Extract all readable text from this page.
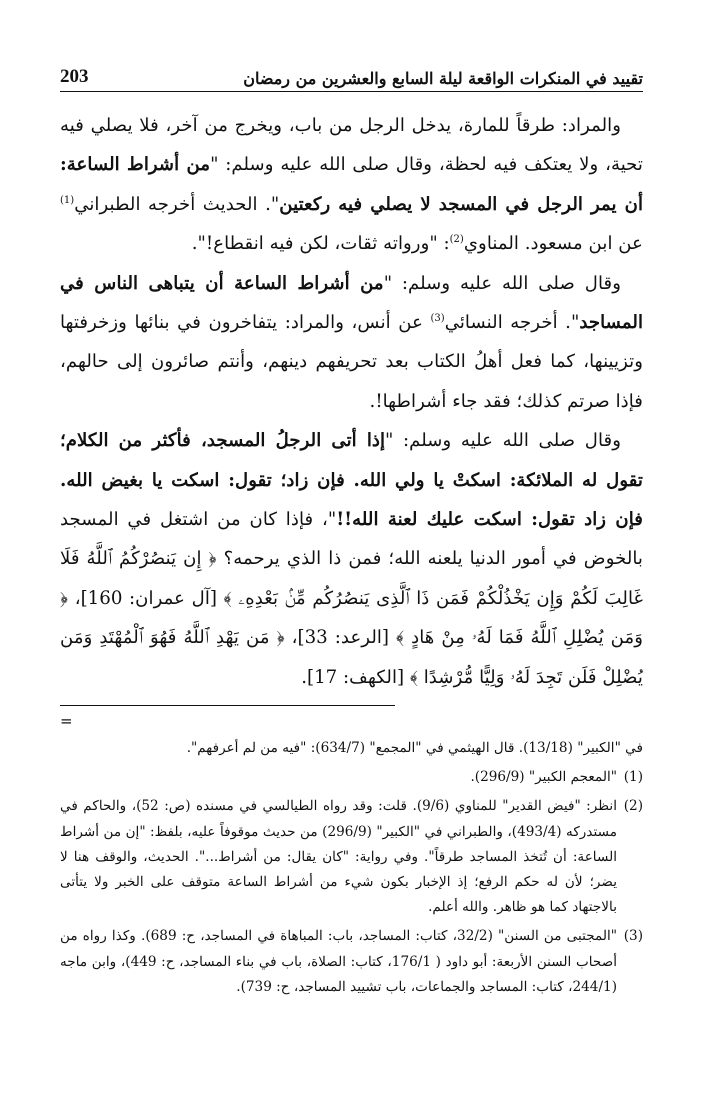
تقييد في المنكرات الواقعة ليلة السابع والعشرين من رمضان
203

والمراد: طرقاً للمارة، يدخل الرجل من باب، ويخرج من آخر، فلا يصلي فيه تحية، ولا يعتكف فيه لحظة، وقال صلى الله عليه وسلم: "من أشراط الساعة: أن يمر الرجل في المسجد لا يصلي فيه ركعتين". الحديث أخرجه الطبراني$^{(1)}$ عن ابن مسعود. المناوي$^{(2)}$: "ورواته ثقات، لكن فيه انقطاع!".

وقال صلى الله عليه وسلم: "من أشراط الساعة أن يتباهى الناس في المساجد". أخرجه النسائي$^{(3)}$ عن أنس، والمراد: يتفاخرون في بنائها وزخرفتها وتزيينها، كما فعل أهلُ الكتاب بعد تحريفهم دينهم، وأنتم صائرون إلى حالهم، فإذا صرتم كذلك؛ فقد جاء أشراطها!.

وقال صلى الله عليه وسلم: "إذا أتى الرجلُ المسجد، فأكثر من الكلام؛ تقول له الملائكة: اسكتْ يا ولي الله. فإن زاد؛ تقول: اسكت يا بغيض الله. فإن زاد تقول: اسكت عليك لعنة الله!!"، فإذا كان من اشتغل في المسجد بالخوض في أمور الدنيا يلعنه الله؛ فمن ذا الذي يرحمه؟ ﴿ إِن يَنصُرْكُمُ ٱللَّهُ فَلَا غَالِبَ لَكُمْ وَإِن يَخْذُلْكُمْ فَمَن ذَا ٱلَّذِى يَنصُرُكُم مِّنۢ بَعْدِهِۦ ﴾ [آل عمران: 160]، ﴿ وَمَن يُضْلِلِ ٱللَّهُ فَمَا لَهُۥ مِنْ هَادٍ ﴾ [الرعد: 33]، ﴿ مَن يَهْدِ ٱللَّهُ فَهُوَ ٱلْمُهْتَدِ وَمَن يُضْلِلْ فَلَن تَجِدَ لَهُۥ وَلِيًّا مُّرْشِدًا ﴾ [الكهف: 17].

=

في "الكبير" (13/18). قال الهيثمي في "المجمع" (634/7): "فيه من لم أعرفهم".

(1)
"المعجم الكبير" (296/9).

(2)
انظر: "فيض القدير" للمناوي (9/6). قلت: وقد رواه الطيالسي في مسنده (ص: 52)، والحاكم في مستدركه (493/4)، والطبراني في "الكبير" (296/9) من حديث موقوفاً عليه، بلفظ: "إن من أشراط الساعة: أن تُتخذ المساجد طرقاً". وفي رواية: "كان يقال: من أشراط...". الحديث، والوقف هنا لا يضر؛ لأن له حكم الرفع؛ إذ الإخبار بكون شيء من أشراط الساعة متوقف على الخبر ولا يتأتى بالاجتهاد كما هو ظاهر. والله أعلم.

(3)
"المجتبى من السنن" (32/2، كتاب: المساجد، باب: المباهاة في المساجد، ح: 689). وكذا رواه من أصحاب السنن الأربعة: أبو داود ( 176/1، كتاب: الصلاة، باب في بناء المساجد، ح: 449)، وابن ماجه (244/1، كتاب: المساجد والجماعات، باب تشييد المساجد، ح: 739).
